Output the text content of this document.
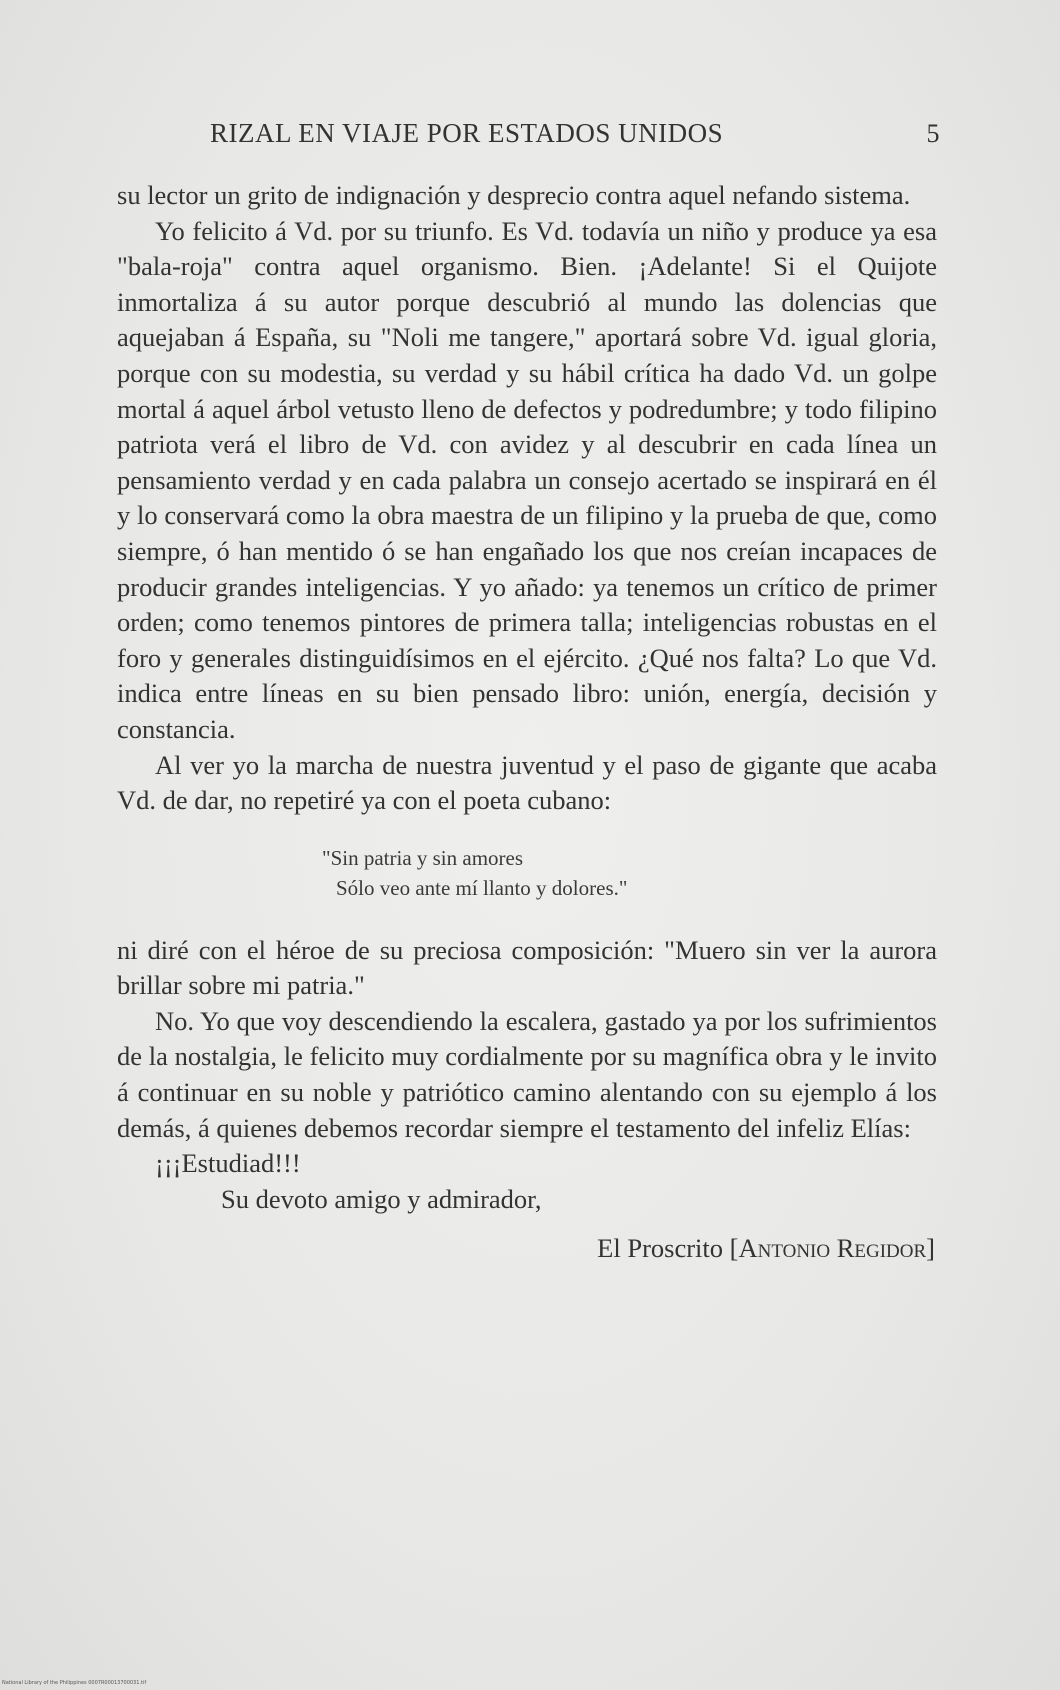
RIZAL EN VIAJE POR ESTADOS UNIDOS	5

su lector un grito de indignación y desprecio contra aquel nefando sistema.

Yo felicito á Vd. por su triunfo. Es Vd. todavía un niño y produce ya esa "bala-roja" contra aquel organismo. Bien. ¡Adelante! Si el Quijote inmortaliza á su autor porque descubrió al mundo las dolencias que aquejaban á España, su "Noli me tangere," aportará sobre Vd. igual gloria, porque con su modestia, su verdad y su hábil crítica ha dado Vd. un golpe mortal á aquel árbol vetusto lleno de defectos y podredumbre; y todo filipino patriota verá el libro de Vd. con avidez y al descubrir en cada línea un pensamiento verdad y en cada palabra un consejo acertado se inspirará en él y lo conservará como la obra maestra de un filipino y la prueba de que, como siempre, ó han mentido ó se han engañado los que nos creían incapaces de producir grandes inteligencias. Y yo añado: ya tenemos un crítico de primer orden; como tenemos pintores de primera talla; inteligencias robustas en el foro y generales distinguidísimos en el ejército. ¿Qué nos falta? Lo que Vd. indica entre líneas en su bien pensado libro: unión, energía, decisión y constancia.

Al ver yo la marcha de nuestra juventud y el paso de gigante que acaba Vd. de dar, no repetiré ya con el poeta cubano:

"Sin patria y sin amores
Sólo veo ante mí llanto y dolores."

ni diré con el héroe de su preciosa composición: "Muero sin ver la aurora brillar sobre mi patria."

No. Yo que voy descendiendo la escalera, gastado ya por los sufrimientos de la nostalgia, le felicito muy cordialmente por su magnífica obra y le invito á continuar en su noble y patriótico camino alentando con su ejemplo á los demás, á quienes debemos recordar siempre el testamento del infeliz Elías:

¡¡¡Estudiad!!!

Su devoto amigo y admirador,

El Proscrito [Antonio Regidor]
National Library of the Philippines 0007R00013700031.tif
